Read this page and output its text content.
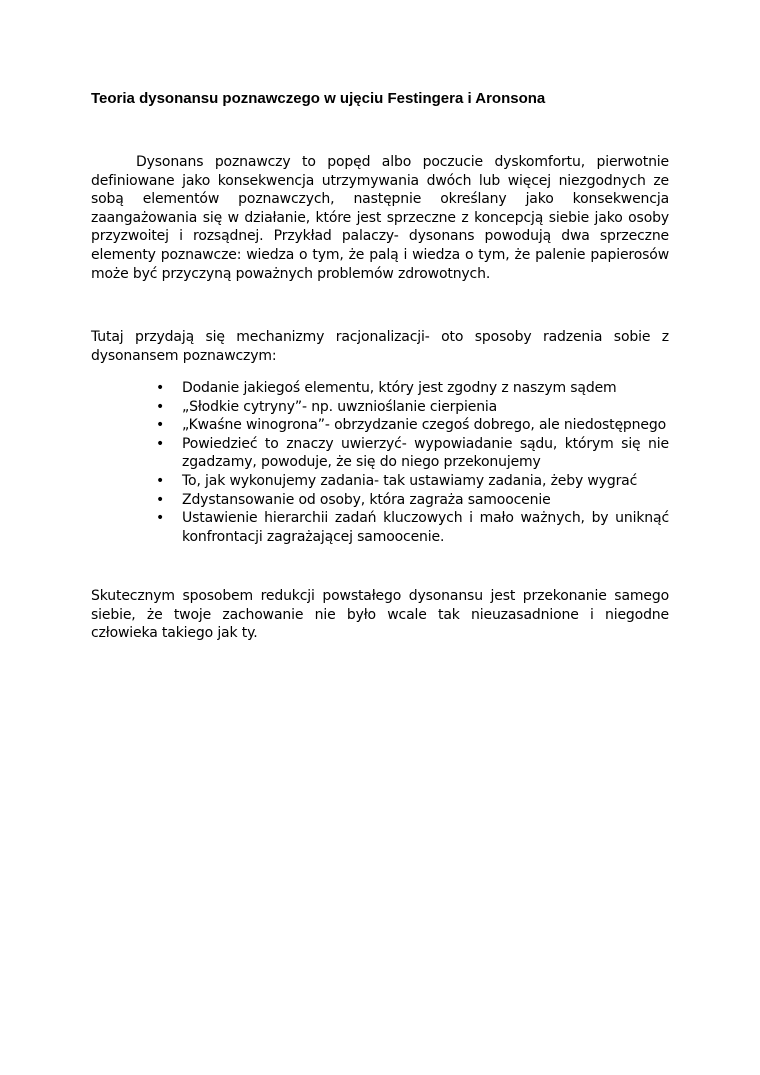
Teoria dysonansu poznawczego w ujęciu Festingera i Aronsona

Dysonans poznawczy to popęd albo poczucie dyskomfortu, pierwotnie definiowane jako konsekwencja utrzymywania dwóch lub więcej niezgodnych ze sobą elementów poznawczych, następnie określany jako konsekwencja zaangażowania się w działanie, które jest sprzeczne z koncepcją siebie jako osoby przyzwoitej i rozsądnej. Przykład palaczy- dysonans powodują dwa sprzeczne elementy poznawcze: wiedza o tym, że palą i wiedza o tym, że palenie papierosów może być przyczyną poważnych problemów zdrowotnych.

Tutaj przydają się mechanizmy racjonalizacji- oto sposoby radzenia sobie z dysonansem poznawczym:

• Dodanie jakiegoś elementu, który jest zgodny z naszym sądem
• „Słodkie cytryny”- np. uwznioślanie cierpienia
• „Kwaśne winogrona”- obrzydzanie czegoś dobrego, ale niedostępnego
• Powiedzieć to znaczy uwierzyć- wypowiadanie sądu, którym się nie zgadzamy, powoduje, że się do niego przekonujemy
• To, jak wykonujemy zadania- tak ustawiamy zadania, żeby wygrać
• Zdystansowanie od osoby, która zagraża samoocenie
• Ustawienie hierarchii zadań kluczowych i mało ważnych, by uniknąć konfrontacji zagrażającej samoocenie.

Skutecznym sposobem redukcji powstałego dysonansu jest przekonanie samego siebie, że twoje zachowanie nie było wcale tak nieuzasadnione i niegodne człowieka takiego jak ty.
